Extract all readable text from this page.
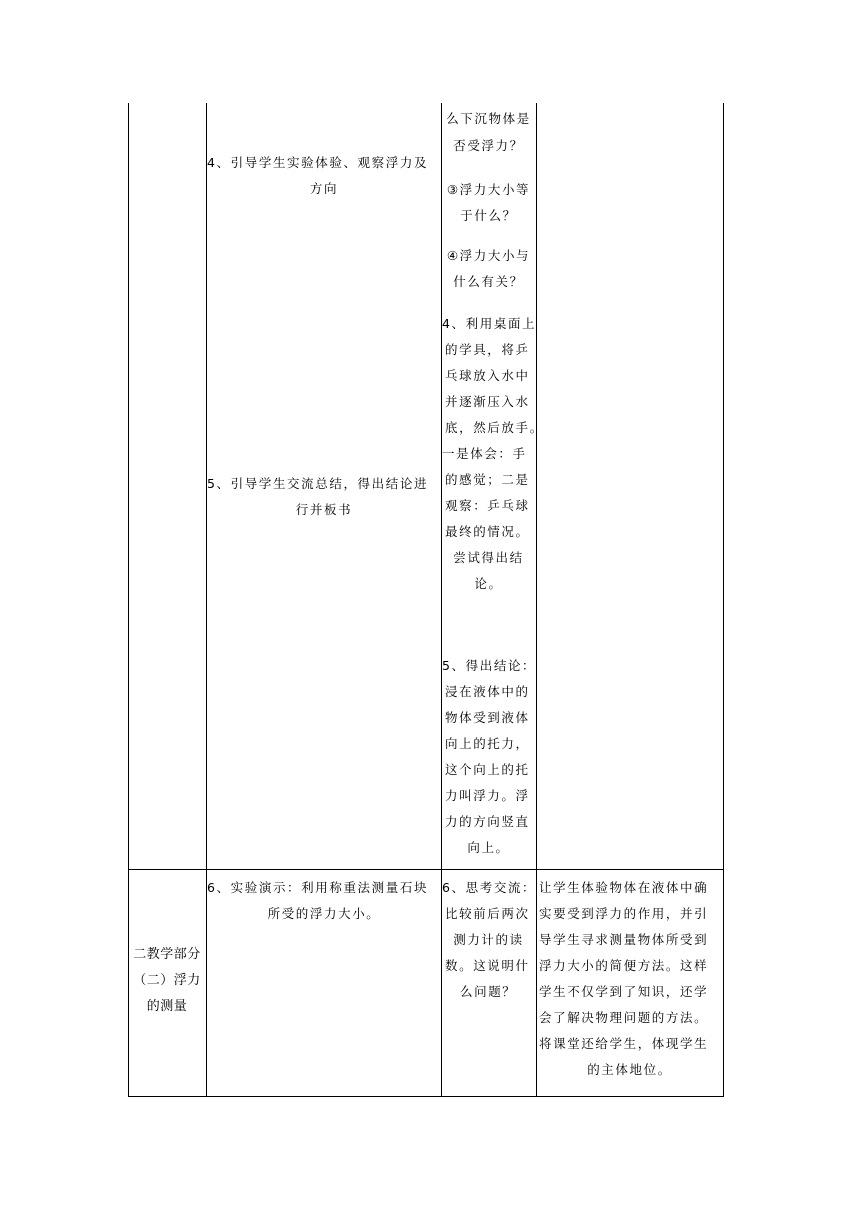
4、引导学生实验体验、观察浮力及
方向
5、引导学生交流总结，得出结论进
行并板书
么下沉物体是
否受浮力？
③浮力大小等
于什么？
④浮力大小与
什么有关？
4、利用桌面上
的学具，将乒
乓球放入水中
并逐渐压入水
底，然后放手。
一是体会：手
的感觉；二是
观察：乒乓球
最终的情况。
尝试得出结
论。
5、得出结论：
浸在液体中的
物体受到液体
向上的托力，
这个向上的托
力叫浮力。浮
力的方向竖直
向上。
二教学部分
（二）浮力
的测量
6、实验演示：利用称重法测量石块
所受的浮力大小。
6、思考交流：
比较前后两次
测力计的读
数。这说明什
么问题？
让学生体验物体在液体中确
实要受到浮力的作用，并引
导学生寻求测量物体所受到
浮力大小的简便方法。这样
学生不仅学到了知识，还学
会了解决物理问题的方法。
将课堂还给学生，体现学生
的主体地位。
